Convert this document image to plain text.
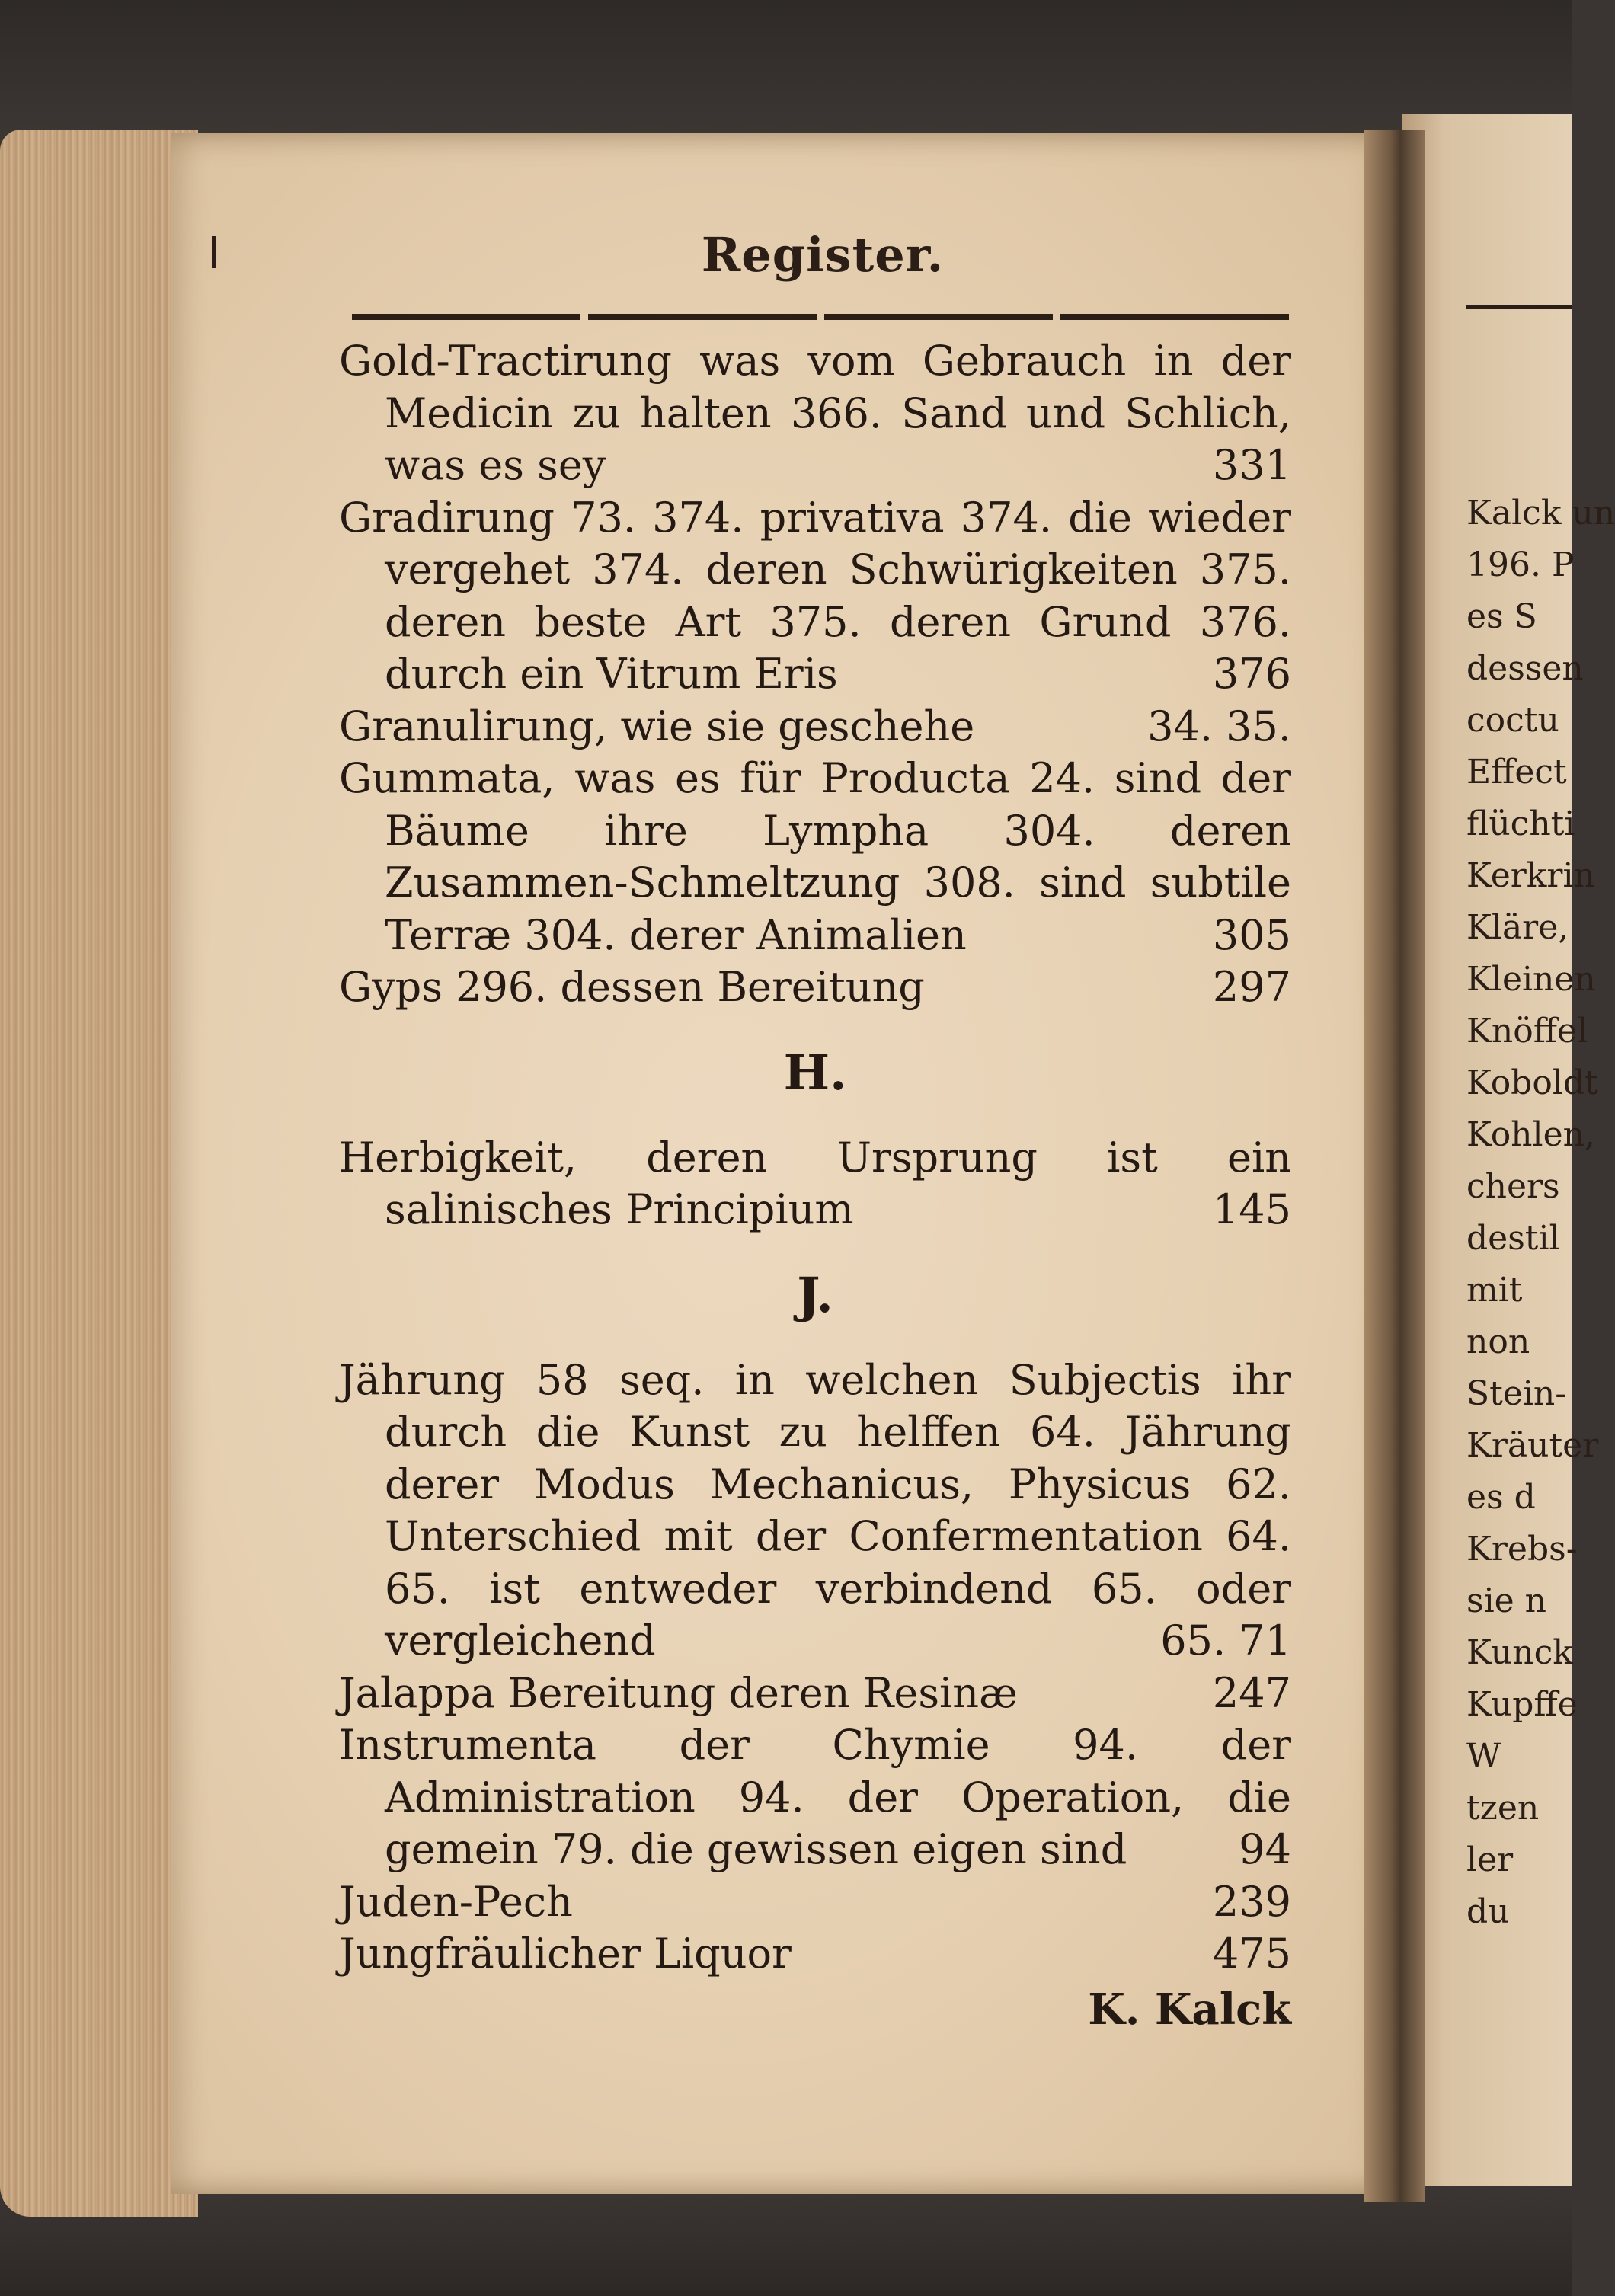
Register.
Gold-Tractirung was vom Gebrauch in der Medicin zu halten 366. Sand und Schlich, was es sey	331
Gradirung 73. 374. privativa 374. die wieder vergehet 374. deren Schwürigkeiten 375. deren beste Art 375. deren Grund 376. durch ein Vitrum Eris	376
Granulirung, wie sie geschehe	34. 35.
Gummata, was es für Producta 24. sind der Bäume ihre Lympha 304. deren Zusammen-Schmeltzung 308. sind subtile Terræ 304. derer Animalien	305
Gyps 296. dessen Bereitung	297
H.
Herbigkeit, deren Ursprung ist ein salinisches Principium	145
J.
Jährung 58 seq. in welchen Subjectis ihr durch die Kunst zu helffen 64. Jährung derer Modus Mechanicus, Physicus 62. Unterschied mit der Confermentation 64. 65. ist entweder verbindend 65. oder vergleichend	65. 71
Jalappa Bereitung deren Resinæ	247
Instrumenta der Chymie 94. der Administration 94. der Operation, die gemein 79. die gewissen eigen sind	94
Juden-Pech	239
Jungfräulicher Liquor	475
K. Kalck
Kalck un
196. P
es S
dessen
coctu
Effect
flüchti
Kerkrin
Kläre,
Kleinen
Knöffel
Koboldt
Kohlen,
chers
destil
mit
non
Stein-
Kräuter
es d
Krebs-
sie n
Kunck
Kupffe
W
tzen
ler
du
